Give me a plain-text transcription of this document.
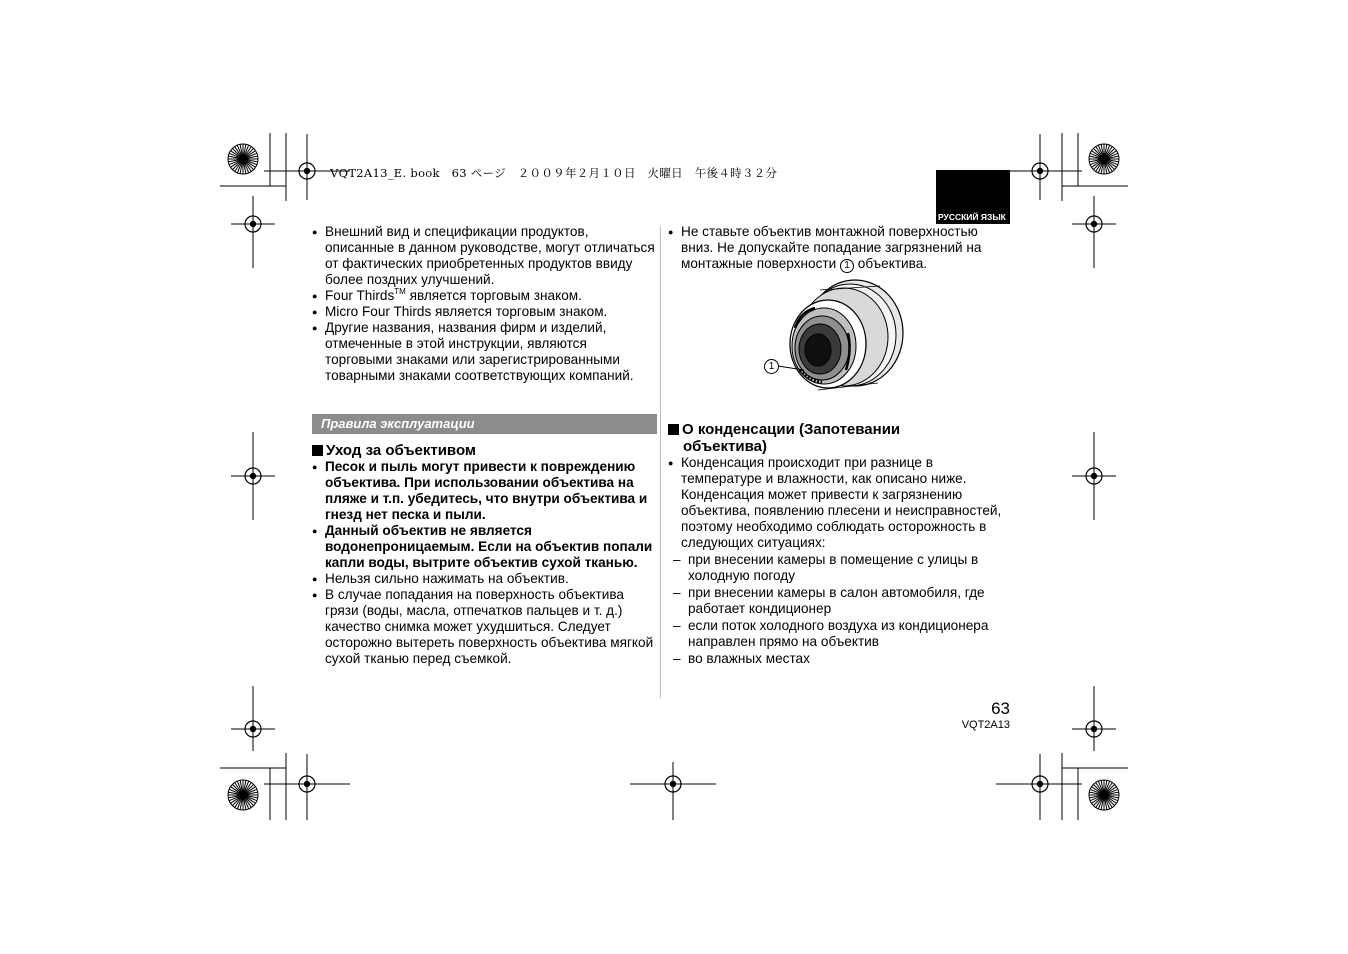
VQT2A13_E. book　63 ページ　２００９年２月１０日　火曜日　午後４時３２分
РУССКИЙ ЯЗЫК
● Внешний вид и спецификации продуктов, описанные в данном руководстве, могут отличаться от фактических приобретенных продуктов ввиду более поздних улучшений.
● Four Thirds™ является торговым знаком.
● Micro Four Thirds является торговым знаком.
● Другие названия, названия фирм и изделий, отмеченные в этой инструкции, являются торговыми знаками или зарегистрированными товарными знаками соответствующих компаний.
Правила эксплуатации
Уход за объективом
● Песок и пыль могут привести к повреждению объектива. При использовании объектива на пляже и т.п. убедитесь, что внутри объектива и гнезд нет песка и пыли.
● Данный объектив не является водонепроницаемым. Если на объектив попали капли воды, вытрите объектив сухой тканью.
● Нельзя сильно нажимать на объектив.
● В случае попадания на поверхность объектива грязи (воды, масла, отпечатков пальцев и т. д.) качество снимка может ухудшиться. Следует осторожно вытереть поверхность объектива мягкой сухой тканью перед съемкой.
● Не ставьте объектив монтажной поверхностью вниз. Не допускайте попадание загрязнений на монтажные поверхности 1 объектива.
О конденсации (Запотевании
объектива)
● Конденсация происходит при разнице в температуре и влажности, как описано ниже. Конденсация может привести к загрязнению объектива, появлению плесени и неисправностей, поэтому необходимо соблюдать осторожность в следующих ситуациях:
– при внесении камеры в помещение с улицы в холодную погоду
– при внесении камеры в салон автомобиля, где работает кондиционер
– если поток холодного воздуха из кондиционера направлен прямо на объектив
– во влажных местах
1
63
VQT2A13
